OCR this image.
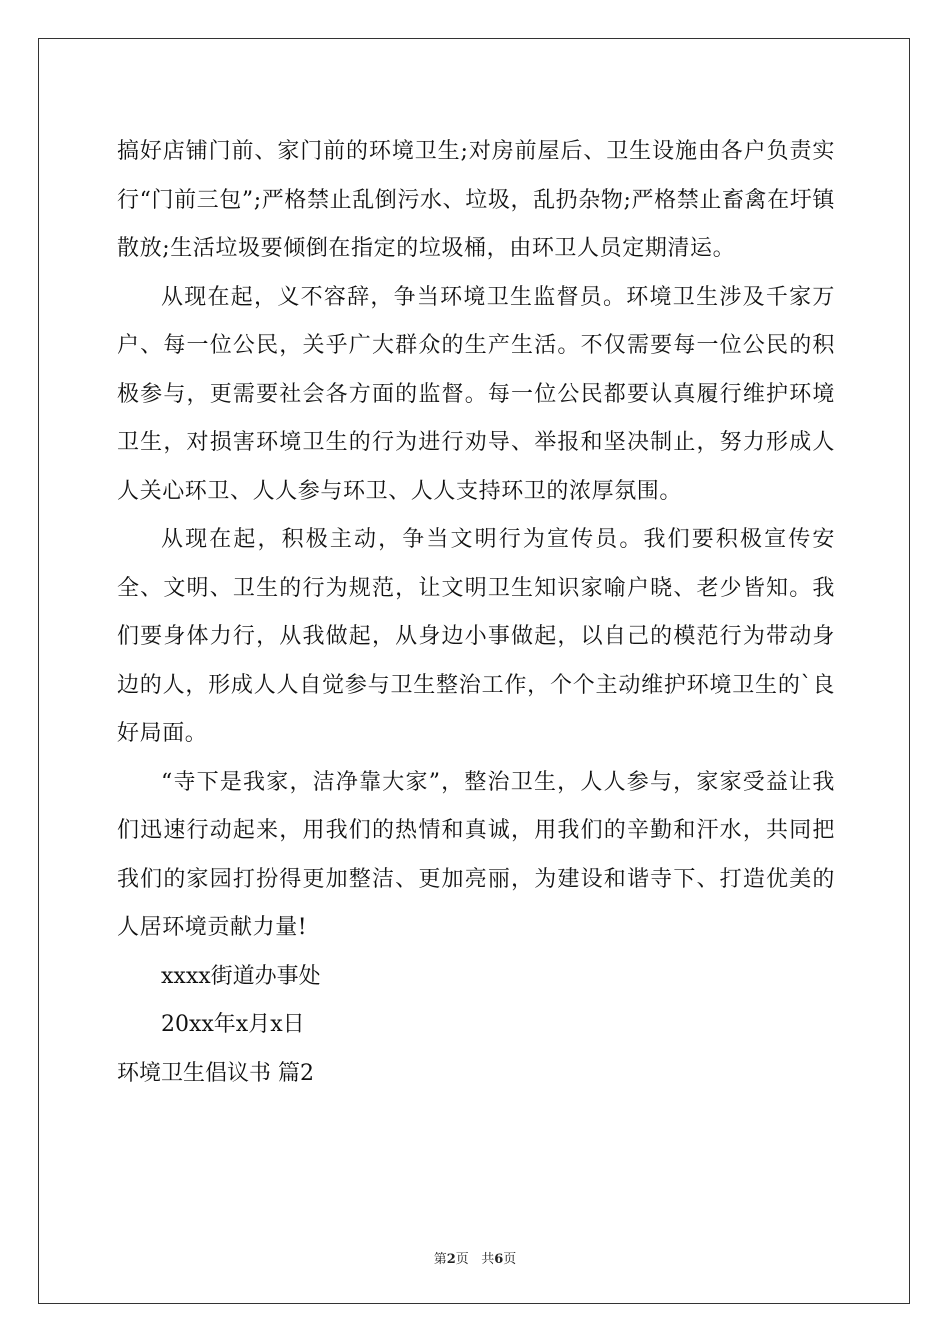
搞好店铺门前、家门前的环境卫生;对房前屋后、卫生设施由各户负责实行“门前三包”;严格禁止乱倒污水、垃圾，乱扔杂物;严格禁止畜禽在圩镇散放;生活垃圾要倾倒在指定的垃圾桶，由环卫人员定期清运。

从现在起，义不容辞，争当环境卫生监督员。环境卫生涉及千家万户、每一位公民，关乎广大群众的生产生活。不仅需要每一位公民的积极参与，更需要社会各方面的监督。每一位公民都要认真履行维护环境卫生，对损害环境卫生的行为进行劝导、举报和坚决制止，努力形成人人关心环卫、人人参与环卫、人人支持环卫的浓厚氛围。

从现在起，积极主动，争当文明行为宣传员。我们要积极宣传安全、文明、卫生的行为规范，让文明卫生知识家喻户晓、老少皆知。我们要身体力行，从我做起，从身边小事做起，以自己的模范行为带动身边的人，形成人人自觉参与卫生整治工作，个个主动维护环境卫生的`良好局面。

“寺下是我家，洁净靠大家”，整治卫生，人人参与，家家受益让我们迅速行动起来，用我们的热情和真诚，用我们的辛勤和汗水，共同把我们的家园打扮得更加整洁、更加亮丽，为建设和谐寺下、打造优美的人居环境贡献力量!

xxxx街道办事处

20xx年x月x日

环境卫生倡议书 篇2

第2页 共6页
